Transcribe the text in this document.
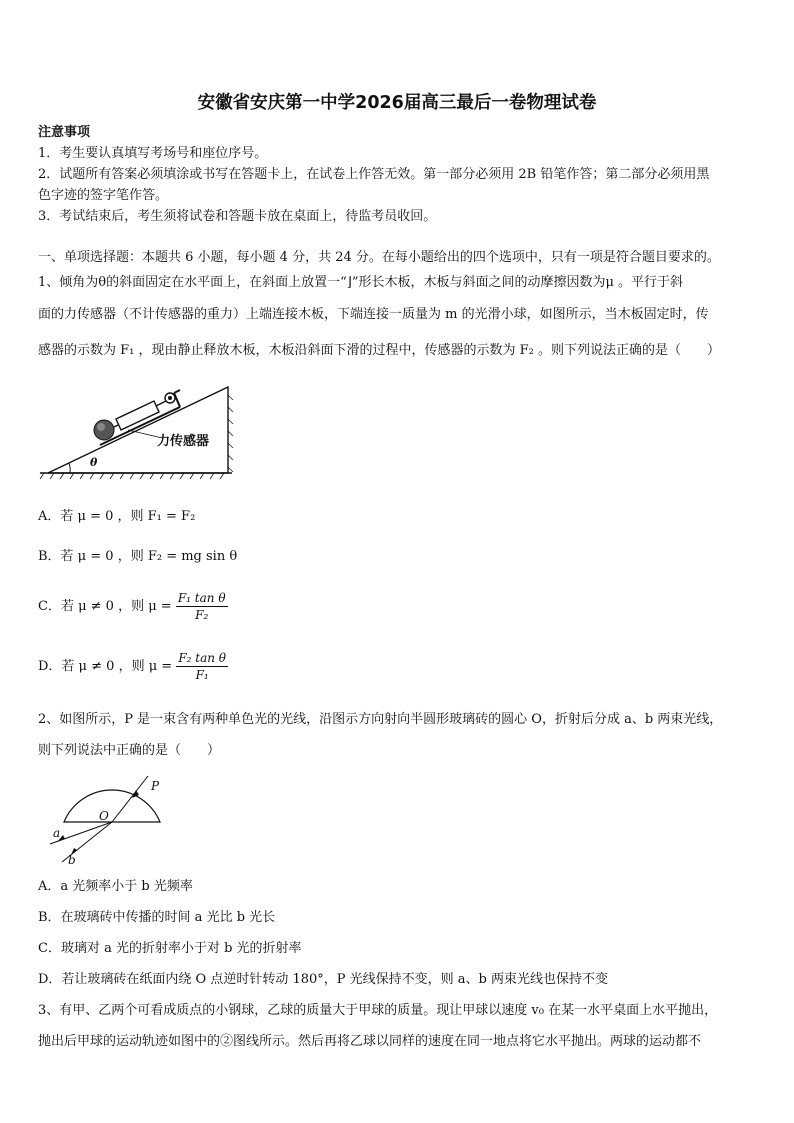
安徽省安庆第一中学2026届高三最后一卷物理试卷
注意事项
1．考生要认真填写考场号和座位序号。
2．试题所有答案必须填涂或书写在答题卡上，在试卷上作答无效。第一部分必须用 2B 铅笔作答；第二部分必须用黑
色字迹的签字笔作答。
3．考试结束后，考生须将试卷和答题卡放在桌面上，待监考员收回。
一、单项选择题：本题共 6 小题，每小题 4 分，共 24 分。在每小题给出的四个选项中，只有一项是符合题目要求的。
1、倾角为θ的斜面固定在水平面上，在斜面上放置一“⌋”形长木板，木板与斜面之间的动摩擦因数为μ 。平行于斜
面的力传感器（不计传感器的重力）上端连接木板，下端连接一质量为 m 的光滑小球，如图所示，当木板固定时，传
感器的示数为 F₁ ，现由静止释放木板，木板沿斜面下滑的过程中，传感器的示数为 F₂ 。则下列说法正确的是（　　）
力传感器
θ
A．若 μ = 0 ，则 F₁ = F₂
B．若 μ = 0 ，则 F₂ = mg sin θ
C．若 μ ≠ 0 ，则 $\mu = \frac{\text{F₁ tan θ}}{\text{F₂}}$
D．若 μ ≠ 0 ，则 $\mu = \frac{\text{F₂ tan θ}}{\text{F₁}}$
2、如图所示，P 是一束含有两种单色光的光线，沿图示方向射向半圆形玻璃砖的圆心 O，折射后分成 a、b 两束光线，
则下列说法中正确的是（　　）
P
O
a
b
A．a 光频率小于 b 光频率
B．在玻璃砖中传播的时间 a 光比 b 光长
C．玻璃对 a 光的折射率小于对 b 光的折射率
D．若让玻璃砖在纸面内绕 O 点逆时针转动 180°，P 光线保持不变，则 a、b 两束光线也保持不变
3、有甲、乙两个可看成质点的小钢球，乙球的质量大于甲球的质量。现让甲球以速度 v₀ 在某一水平桌面上水平抛出，
抛出后甲球的运动轨迹如图中的②图线所示。然后再将乙球以同样的速度在同一地点将它水平抛出。两球的运动都不
